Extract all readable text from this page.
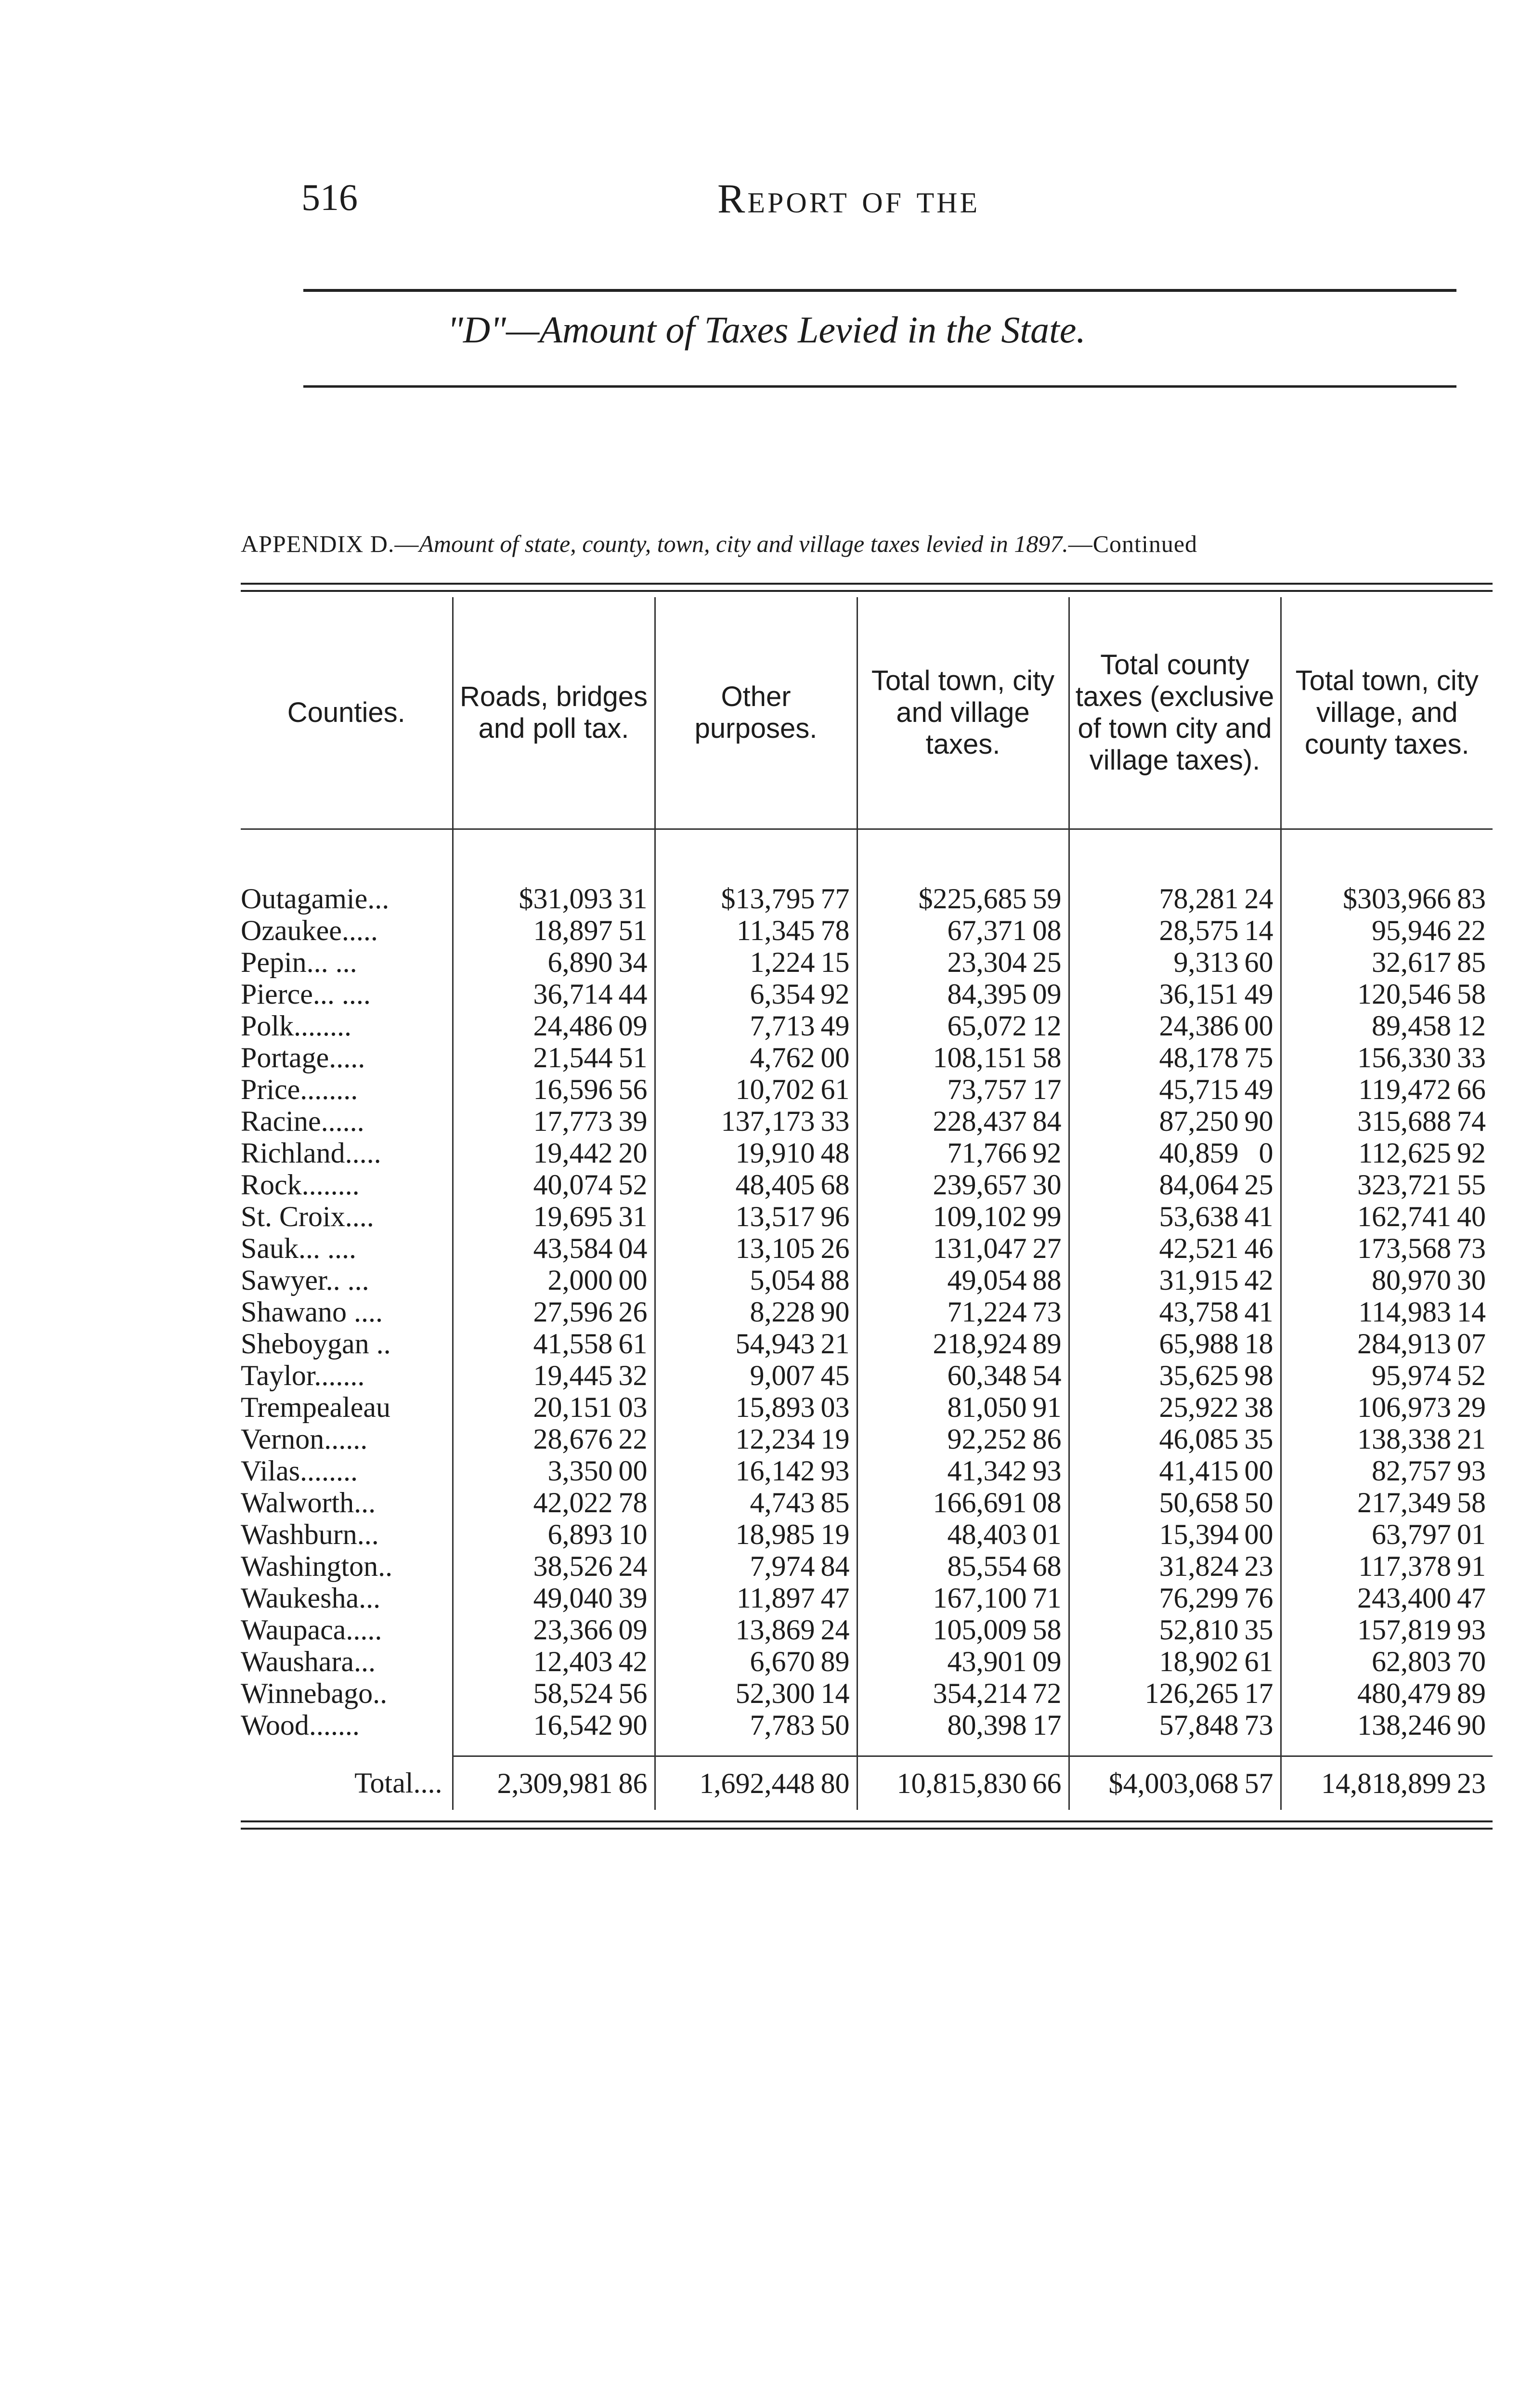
516	Report of the
"D"—Amount of Taxes Levied in the State.
APPENDIX D.—Amount of state, county, town, city and village taxes levied in 1897.—Continued
Counties.	Roads, bridges and poll tax.	Other purposes.	Total town, city and village taxes.	Total county taxes (exclusive of town city and village taxes).	Total town, city village, and county taxes.

Outagamie...	$31,093 31	$13,795 77	$225,685 59	78,281 24	$303,966 83
Ozaukee.....	18,897 51	11,345 78	67,371 08	28,575 14	95,946 22
Pepin... ...	6,890 34	1,224 15	23,304 25	9,313 60	32,617 85
Pierce... ....	36,714 44	6,354 92	84,395 09	36,151 49	120,546 58
Polk........	24,486 09	7,713 49	65,072 12	24,386 00	89,458 12
Portage.....	21,544 51	4,762 00	108,151 58	48,178 75	156,330 33
Price........	16,596 56	10,702 61	73,757 17	45,715 49	119,472 66
Racine......	17,773 39	137,173 33	228,437 84	87,250 90	315,688 74
Richland.....	19,442 20	19,910 48	71,766 92	40,859 0	112,625 92
Rock........	40,074 52	48,405 68	239,657 30	84,064 25	323,721 55
St. Croix....	19,695 31	13,517 96	109,102 99	53,638 41	162,741 40
Sauk... ....	43,584 04	13,105 26	131,047 27	42,521 46	173,568 73
Sawyer.. ...	2,000 00	5,054 88	49,054 88	31,915 42	80,970 30
Shawano ....	27,596 26	8,228 90	71,224 73	43,758 41	114,983 14
Sheboygan ..	41,558 61	54,943 21	218,924 89	65,988 18	284,913 07
Taylor.......	19,445 32	9,007 45	60,348 54	35,625 98	95,974 52
Trempealeau	20,151 03	15,893 03	81,050 91	25,922 38	106,973 29
Vernon......	28,676 22	12,234 19	92,252 86	46,085 35	138,338 21
Vilas........	3,350 00	16,142 93	41,342 93	41,415 00	82,757 93
Walworth...	42,022 78	4,743 85	166,691 08	50,658 50	217,349 58
Washburn...	6,893 10	18,985 19	48,403 01	15,394 00	63,797 01
Washington..	38,526 24	7,974 84	85,554 68	31,824 23	117,378 91
Waukesha...	49,040 39	11,897 47	167,100 71	76,299 76	243,400 47
Waupaca.....	23,366 09	13,869 24	105,009 58	52,810 35	157,819 93
Waushara...	12,403 42	6,670 89	43,901 09	18,902 61	62,803 70
Winnebago..	58,524 56	52,300 14	354,214 72	126,265 17	480,479 89
Wood.......	16,542 90	7,783 50	80,398 17	57,848 73	138,246 90

Total....	2,309,981 86	1,692,448 80	10,815,830 66	$4,003,068 57	14,818,899 23
